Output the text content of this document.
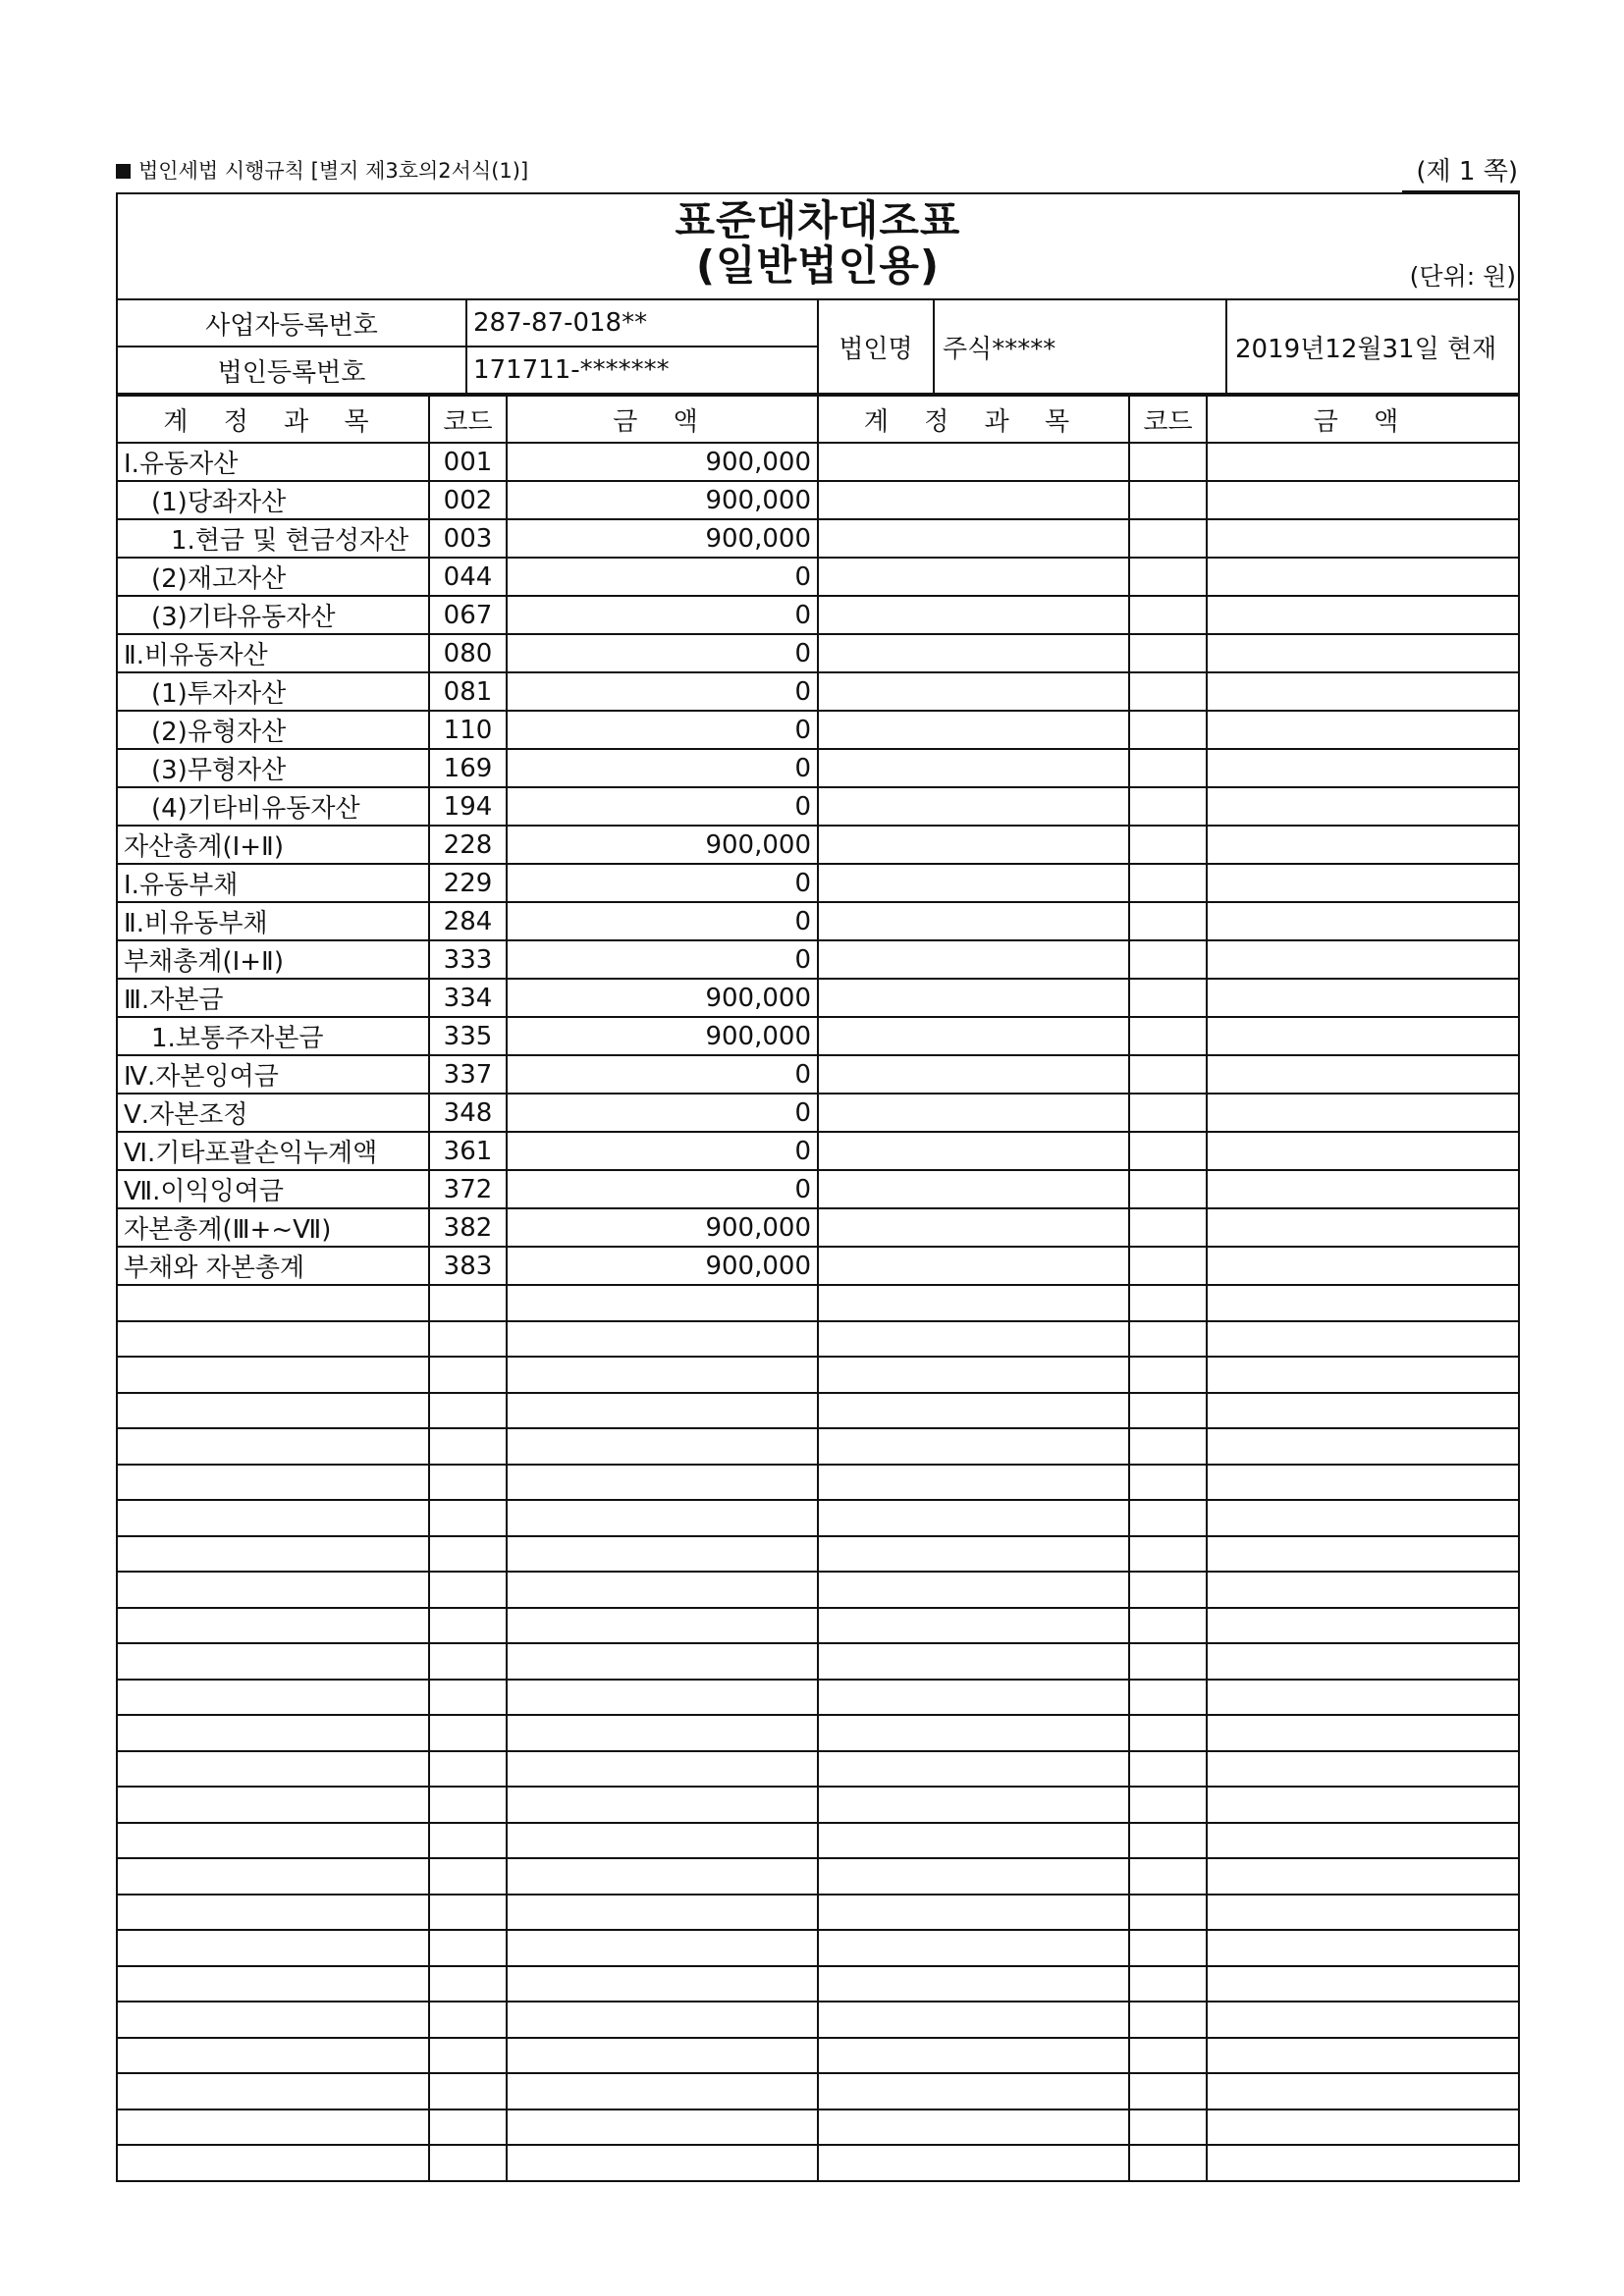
법인세법 시행규칙 [별지 제3호의2서식(1)]	(제 1 쪽)
표준대차대조표
(일반법인용)	(단위: 원)
사업자등록번호	287-87-018**	법인명	주식*****	2019년12월31일 현재
법인등록번호	171711-*******			
계 정 과 목	코드	금 액	계 정 과 목	코드	금 액
Ⅰ.유동자산	001	900,000			
(1)당좌자산	002	900,000			
1.현금 및 현금성자산	003	900,000			
(2)재고자산	044	0			
(3)기타유동자산	067	0			
Ⅱ.비유동자산	080	0			
(1)투자자산	081	0			
(2)유형자산	110	0			
(3)무형자산	169	0			
(4)기타비유동자산	194	0			
자산총계(Ⅰ+Ⅱ)	228	900,000			
Ⅰ.유동부채	229	0			
Ⅱ.비유동부채	284	0			
부채총계(Ⅰ+Ⅱ)	333	0			
Ⅲ.자본금	334	900,000			
1.보통주자본금	335	900,000			
Ⅳ.자본잉여금	337	0			
Ⅴ.자본조정	348	0			
Ⅵ.기타포괄손익누계액	361	0			
Ⅶ.이익잉여금	372	0			
자본총계(Ⅲ+~Ⅶ)	382	900,000			
부채와 자본총계	383	900,000			
